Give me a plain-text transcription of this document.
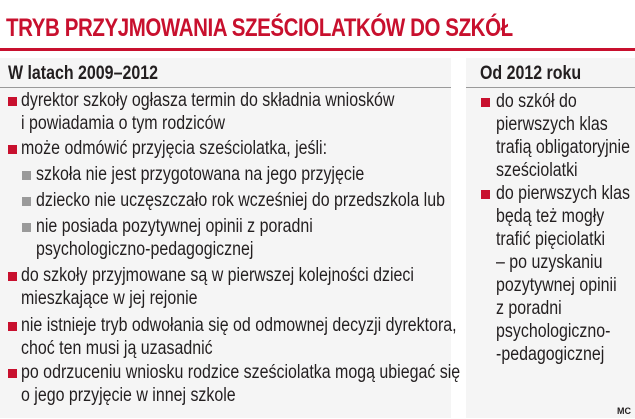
TRYB PRZYJMOWANIA SZEŚCIOLATKÓW DO SZKÓŁ
W latach 2009–2012
dyrektor szkoły ogłasza termin do składnia wniosków
i powiadamia o tym rodziców
może odmówić przyjęcia sześciolatka, jeśli:
szkoła nie jest przygotowana na jego przyjęcie
dziecko nie uczęszczało rok wcześniej do przedszkola lub
nie posiada pozytywnej opinii z poradni
psychologiczno-pedagogicznej
do szkoły przyjmowane są w pierwszej kolejności dzieci
mieszkające w jej rejonie
nie istnieje tryb odwołania się od odmownej decyzji dyrektora,
choć ten musi ją uzasadnić
po odrzuceniu wniosku rodzice sześciolatka mogą ubiegać się
o jego przyjęcie w innej szkole
Od 2012 roku
do szkół do
pierwszych klas
trafią obligatoryjnie
sześciolatki
do pierwszych klas
będą też mogły
trafić pięciolatki
– po uzyskaniu
pozytywnej opinii
z poradni
psychologiczno-
-pedagogicznej
MC
